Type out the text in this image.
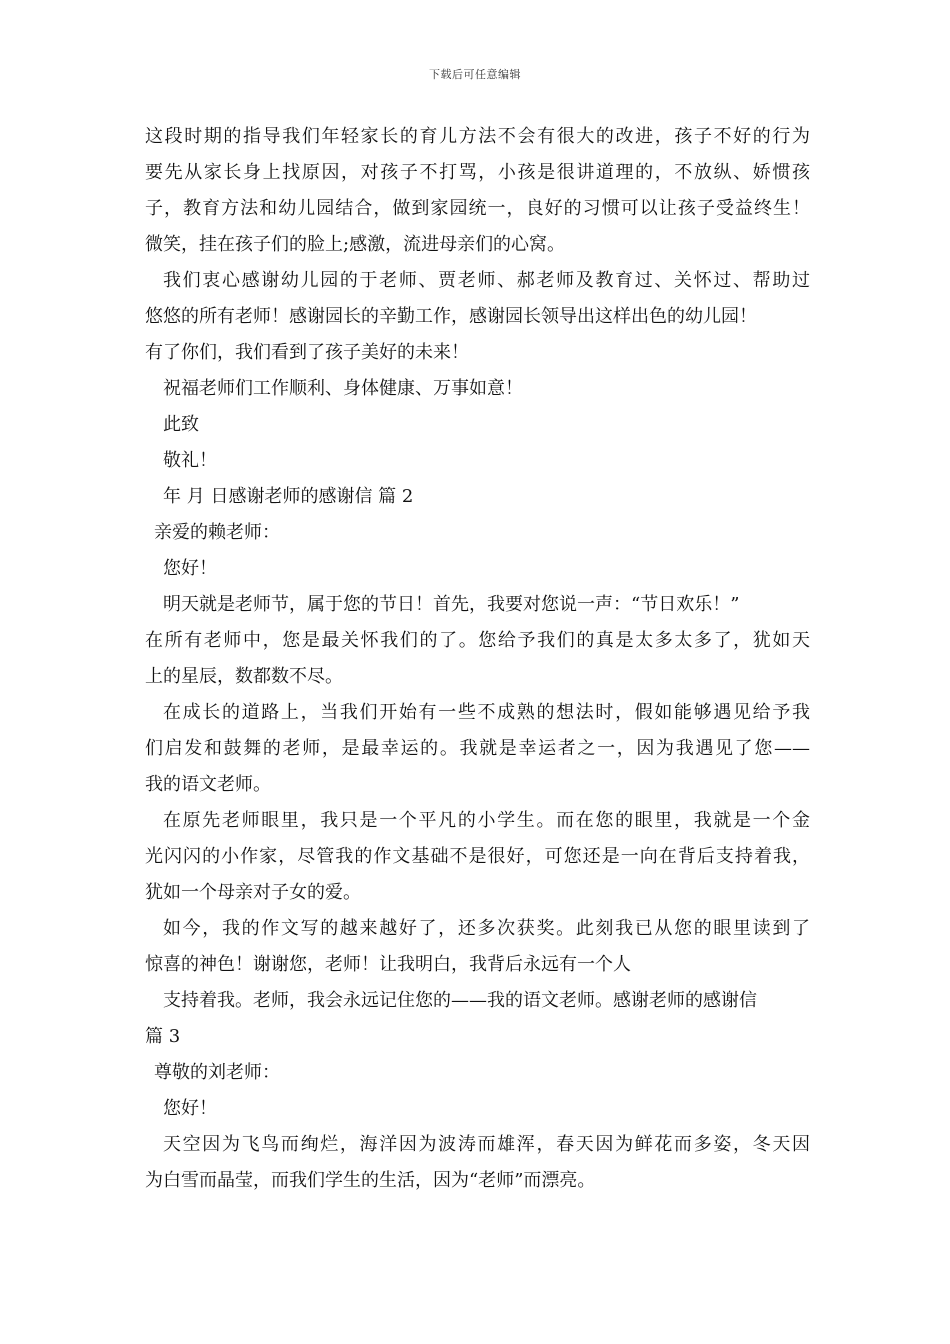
下载后可任意编辑
这段时期的指导我们年轻家长的育儿方法不会有很大的改进，孩子不好的行为
要先从家长身上找原因，对孩子不打骂，小孩是很讲道理的，不放纵、娇惯孩
子，教育方法和幼儿园结合，做到家园统一，良好的习惯可以让孩子受益终生！
微笑，挂在孩子们的脸上;感激，流进母亲们的心窝。
我们衷心感谢幼儿园的于老师、贾老师、郝老师及教育过、关怀过、帮助过
悠悠的所有老师！感谢园长的辛勤工作，感谢园长领导出这样出色的幼儿园！
有了你们，我们看到了孩子美好的未来！
祝福老师们工作顺利、身体健康、万事如意！
此致
敬礼！
年 月 日感谢老师的感谢信 篇 2
亲爱的赖老师：
您好！
明天就是老师节，属于您的节日！首先，我要对您说一声：“节日欢乐！”
在所有老师中，您是最关怀我们的了。您给予我们的真是太多太多了，犹如天
上的星辰，数都数不尽。
在成长的道路上，当我们开始有一些不成熟的想法时，假如能够遇见给予我
们启发和鼓舞的老师，是最幸运的。我就是幸运者之一，因为我遇见了您——
我的语文老师。
在原先老师眼里，我只是一个平凡的小学生。而在您的眼里，我就是一个金
光闪闪的小作家，尽管我的作文基础不是很好，可您还是一向在背后支持着我，
犹如一个母亲对子女的爱。
如今，我的作文写的越来越好了，还多次获奖。此刻我已从您的眼里读到了
惊喜的神色！谢谢您，老师！让我明白，我背后永远有一个人
支持着我。老师，我会永远记住您的——我的语文老师。感谢老师的感谢信
篇 3
尊敬的刘老师：
您好！
天空因为飞鸟而绚烂，海洋因为波涛而雄浑，春天因为鲜花而多姿，冬天因
为白雪而晶莹，而我们学生的生活，因为“老师”而漂亮。
